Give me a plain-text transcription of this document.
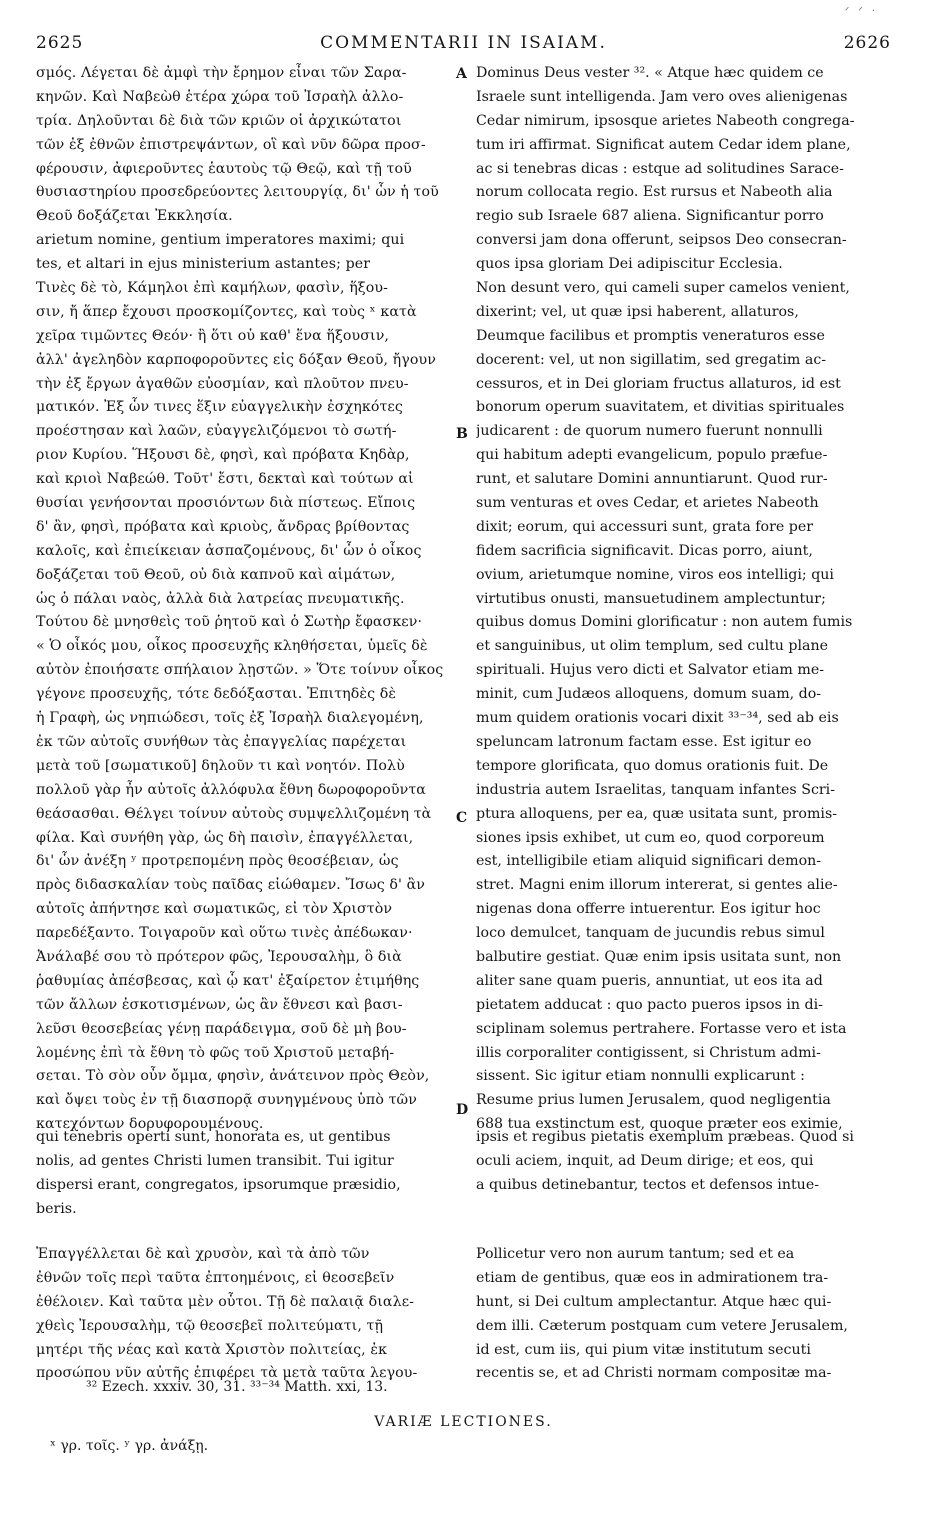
ᐟ ᐟ ·
2625	COMMENTARII IN ISAIAM.	2626
σμός. Λέγεται δὲ ἀμφὶ τὴν ἔρημον εἶναι τῶν Σαρα-
κηνῶν. Καὶ Ναβεὼθ ἑτέρα χώρα τοῦ Ἰσραὴλ ἀλλο-
τρία. Δηλοῦνται δὲ διὰ τῶν κριῶν οἱ ἀρχικώτατοι
τῶν ἐξ ἐθνῶν ἐπιστρεψάντων, οἳ καὶ νῦν δῶρα προσ-
φέρουσιν, ἀφιεροῦντες ἑαυτοὺς τῷ Θεῷ, καὶ τῇ τοῦ
θυσιαστηρίου προσεδρεύοντες λειτουργίᾳ, δι' ὧν ἡ τοῦ
Θεοῦ δοξάζεται Ἐκκλησία.
arietum nomine, gentium imperatores maximi; qui
tes, et altari in ejus ministerium astantes; per
Τινὲς δὲ τὸ, Κάμηλοι ἐπὶ καμήλων, φασὶν, ἥξου-
σιν, ἤ ἅπερ ἔχουσι προσκομίζοντες, καὶ τοὺς ˣ κατὰ
χεῖρα τιμῶντες Θεόν· ἢ ὅτι οὐ καθ' ἕνα ἥξουσιν,
ἀλλ' ἀγεληδὸν καρποφοροῦντες εἰς δόξαν Θεοῦ, ἤγουν
τὴν ἐξ ἔργων ἀγαθῶν εὐοσμίαν, καὶ πλοῦτον πνευ-
ματικόν. Ἐξ ὧν τινες ἕξιν εὐαγγελικὴν ἐσχηκότες
προέστησαν καὶ λαῶν, εὐαγγελιζόμενοι τὸ σωτή-
ριον Κυρίου. Ἥξουσι δὲ, φησὶ, καὶ πρόβατα Κηδὰρ,
καὶ κριοὶ Ναβεώθ. Τοῦτ' ἔστι, δεκταὶ καὶ τούτων αἱ
θυσίαι γενήσονται προσιόντων διὰ πίστεως. Εἴποις
δ' ἂν, φησὶ, πρόβατα καὶ κριοὺς, ἄνδρας βρίθοντας
καλοῖς, καὶ ἐπιείκειαν ἀσπαζομένους, δι' ὧν ὁ οἶκος
δοξάζεται τοῦ Θεοῦ, οὐ διὰ καπνοῦ καὶ αἱμάτων,
ὡς ὁ πάλαι ναὸς, ἀλλὰ διὰ λατρείας πνευματικῆς.
Τούτου δὲ μνησθεὶς τοῦ ῥητοῦ καὶ ὁ Σωτὴρ ἔφασκεν·
« Ὁ οἶκός μου, οἶκος προσευχῆς κληθήσεται, ὑμεῖς δὲ
αὐτὸν ἐποιήσατε σπήλαιον λῃστῶν. » Ὅτε τοίνυν οἶκος
γέγονε προσευχῆς, τότε δεδόξασται. Ἐπιτηδὲς δὲ
ἡ Γραφὴ, ὡς νηπιώδεσι, τοῖς ἐξ Ἰσραὴλ διαλεγομένη,
ἐκ τῶν αὐτοῖς συνήθων τὰς ἐπαγγελίας παρέχεται
μετὰ τοῦ [σωματικοῦ] δηλοῦν τι καὶ νοητόν. Πολὺ
πολλοῦ γὰρ ἦν αὐτοῖς ἀλλόφυλα ἔθνη δωροφοροῦντα
θεάσασθαι. Θέλγει τοίνυν αὐτοὺς συμψελλιζομένη τὰ
φίλα. Καὶ συνήθη γὰρ, ὡς δὴ παισὶν, ἐπαγγέλλεται,
δι' ὧν ἀνέξη ʸ προτρεπομένη πρὸς θεοσέβειαν, ὡς
πρὸς διδασκαλίαν τοὺς παῖδας εἰώθαμεν. Ἴσως δ' ἂν
αὐτοῖς ἀπήντησε καὶ σωματικῶς, εἰ τὸν Χριστὸν
παρεδέξαντο. Τοιγαροῦν καὶ οὕτω τινὲς ἀπέδωκαν·
Ἀνάλαβέ σου τὸ πρότερον φῶς, Ἰερουσαλὴμ, ὃ διὰ
ῥαθυμίας ἀπέσβεσας, καὶ ᾧ κατ' ἐξαίρετον ἐτιμήθης
τῶν ἄλλων ἐσκοτισμένων, ὡς ἂν ἔθνεσι καὶ βασι-
λεῦσι θεοσεβείας γένῃ παράδειγμα, σοῦ δὲ μὴ βου-
λομένης ἐπὶ τὰ ἔθνη τὸ φῶς τοῦ Χριστοῦ μεταβή-
σεται. Τὸ σὸν οὖν ὄμμα, φησὶν, ἀνάτεινον πρὸς Θεὸν,
καὶ ὄψει τοὺς ἐν τῇ διασπορᾷ συνηγμένους ὑπὸ τῶν
κατεχόντων δορυφορουμένους.
qui tenebris operti sunt, honorata es, ut gentibus
nolis, ad gentes Christi lumen transibit. Tui igitur
dispersi erant, congregatos, ipsorumque præsidio,
beris.
Ἐπαγγέλλεται δὲ καὶ χρυσὸν, καὶ τὰ ἀπὸ τῶν
ἐθνῶν τοῖς περὶ ταῦτα ἐπτοημένοις, εἰ θεοσεβεῖν
ἐθέλοιεν. Καὶ ταῦτα μὲν οὗτοι. Τῇ δὲ παλαιᾷ διαλε-
χθεὶς Ἰερουσαλὴμ, τῷ θεοσεβεῖ πολιτεύματι, τῇ
μητέρι τῆς νέας καὶ κατὰ Χριστὸν πολιτείας, ἐκ
προσώπου νῦν αὐτῆς ἐπιφέρει τὰ μετὰ ταῦτα λεγου-
Dominus Deus vester ³². « Atque hæc quidem ce
Israele sunt intelligenda. Jam vero oves alienigenas
Cedar nimirum, ipsosque arietes Nabeoth congrega-
tum iri affirmat. Significat autem Cedar idem plane,
ac si tenebras dicas : estque ad solitudines Sarace-
norum collocata regio. Est rursus et Nabeoth alia
regio sub Israele 687 aliena. Significantur porro
conversi jam dona offerunt, seipsos Deo consecran-
quos ipsa gloriam Dei adipiscitur Ecclesia.
Non desunt vero, qui cameli super camelos venient,
dixerint; vel, ut quæ ipsi haberent, allaturos,
Deumque facilibus et promptis veneraturos esse
docerent: vel, ut non sigillatim, sed gregatim ac-
cessuros, et in Dei gloriam fructus allaturos, id est
bonorum operum suavitatem, et divitias spirituales
judicarent : de quorum numero fuerunt nonnulli
qui habitum adepti evangelicum, populo præfue-
runt, et salutare Domini annuntiarunt. Quod rur-
sum venturas et oves Cedar, et arietes Nabeoth
dixit; eorum, qui accessuri sunt, grata fore per
fidem sacrificia significavit. Dicas porro, aiunt,
ovium, arietumque nomine, viros eos intelligi; qui
virtutibus onusti, mansuetudinem amplectuntur;
quibus domus Domini glorificatur : non autem fumis
et sanguinibus, ut olim templum, sed cultu plane
spirituali. Hujus vero dicti et Salvator etiam me-
minit, cum Judæos alloquens, domum suam, do-
mum quidem orationis vocari dixit ³³⁻³⁴, sed ab eis
speluncam latronum factam esse. Est igitur eo
tempore glorificata, quo domus orationis fuit. De
industria autem Israelitas, tanquam infantes Scri-
ptura alloquens, per ea, quæ usitata sunt, promis-
siones ipsis exhibet, ut cum eo, quod corporeum
est, intelligibile etiam aliquid significari demon-
stret. Magni enim illorum intererat, si gentes alie-
nigenas dona offerre intuerentur. Eos igitur hoc
loco demulcet, tanquam de jucundis rebus simul
balbutire gestiat. Quæ enim ipsis usitata sunt, non
aliter sane quam pueris, annuntiat, ut eos ita ad
pietatem adducat : quo pacto pueros ipsos in di-
sciplinam solemus pertrahere. Fortasse vero et ista
illis corporaliter contigissent, si Christum admi-
sissent. Sic igitur etiam nonnulli explicarunt :
Resume prius lumen Jerusalem, quod negligentia
688 tua exstinctum est, quoque præter eos eximie,
ipsis et regibus pietatis exemplum præbeas. Quod si
oculi aciem, inquit, ad Deum dirige; et eos, qui
a quibus detinebantur, tectos et defensos intue-
Pollicetur vero non aurum tantum; sed et ea
etiam de gentibus, quæ eos in admirationem tra-
hunt, si Dei cultum amplectantur. Atque hæc qui-
dem illi. Cæterum postquam cum vetere Jerusalem,
id est, cum iis, qui pium vitæ institutum secuti
recentis se, et ad Christi normam compositæ ma-
A
B
C
D
³² Ezech. xxxiv. 30, 31. ³³⁻³⁴ Matth. xxi, 13.
VARIÆ LECTIONES.
ˣ γρ. τοῖς. ʸ γρ. ἀνάξῃ.
